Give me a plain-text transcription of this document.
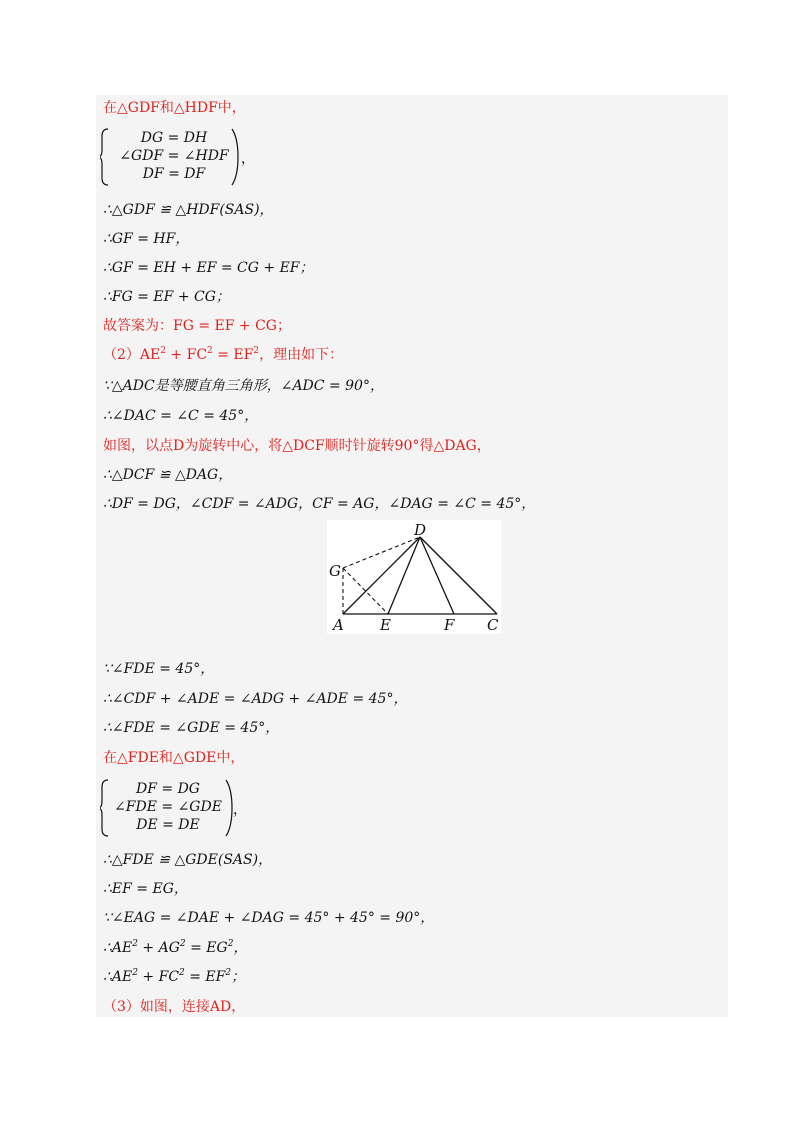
在△GDF和△HDF中，
DG = DH
∠GDF = ∠HDF
DF = DF
，
∴△GDF ≌ △HDF(SAS)，
∴GF = HF，
∴GF = EH + EF = CG + EF；
∴FG = EF + CG；
故答案为：FG = EF + CG；
$(2)AE^2 + FC^2 = EF^2$，理由如下：
∵△ADC是等腰直角三角形，∠ADC = 90°，
∴∠DAC = ∠C = 45°，
如图，以点D为旋转中心，将△DCF顺时针旋转90°得△DAG，
∴△DCF ≌ △DAG，
∴DF = DG，∠CDF = ∠ADG，CF = AG，∠DAG = ∠C = 45°，
D
G
A E	F C
∵∠FDE = 45°，
∴∠CDF + ∠ADE = ∠ADG + ∠ADE = 45°，
∴∠FDE = ∠GDE = 45°，
在△FDE和△GDE中，
DF = DG
∠FDE = ∠GDE
DE = DE
，
∴△FDE ≌ △GDE(SAS)，
∴EF = EG，
∵∠EAG = ∠DAE + ∠DAG = 45° + 45° = 90°，
$\therefore AE^2 + AG^2 = EG^2$，
$\therefore AE^2 + FC^2 = EF^2$；
（3）如图，连接AD，
